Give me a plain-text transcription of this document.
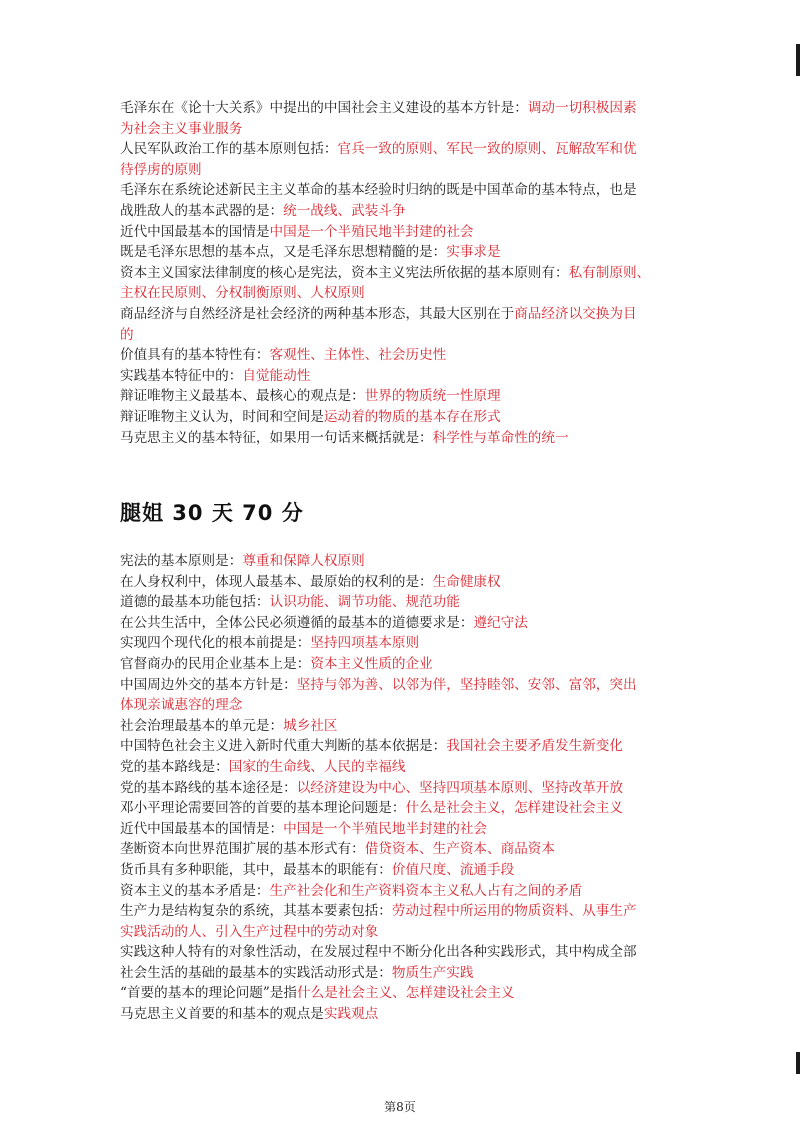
毛泽东在《论十大关系》中提出的中国社会主义建设的基本方针是：调动一切积极因素
为社会主义事业服务
人民军队政治工作的基本原则包括：官兵一致的原则、军民一致的原则、瓦解敌军和优
待俘虏的原则
毛泽东在系统论述新民主主义革命的基本经验时归纳的既是中国革命的基本特点，也是
战胜敌人的基本武器的是：统一战线、武装斗争
近代中国最基本的国情是中国是一个半殖民地半封建的社会
既是毛泽东思想的基本点，又是毛泽东思想精髓的是：实事求是
资本主义国家法律制度的核心是宪法，资本主义宪法所依据的基本原则有：私有制原则、
主权在民原则、分权制衡原则、人权原则
商品经济与自然经济是社会经济的两种基本形态，其最大区别在于商品经济以交换为目
的
价值具有的基本特性有：客观性、主体性、社会历史性
实践基本特征中的：自觉能动性
辩证唯物主义最基本、最核心的观点是：世界的物质统一性原理
辩证唯物主义认为，时间和空间是运动着的物质的基本存在形式
马克思主义的基本特征，如果用一句话来概括就是：科学性与革命性的统一
腿姐 30 天 70 分
宪法的基本原则是：尊重和保障人权原则
在人身权利中，体现人最基本、最原始的权利的是：生命健康权
道德的最基本功能包括：认识功能、调节功能、规范功能
在公共生活中，全体公民必须遵循的最基本的道德要求是：遵纪守法
实现四个现代化的根本前提是：坚持四项基本原则
官督商办的民用企业基本上是：资本主义性质的企业
中国周边外交的基本方针是：坚持与邻为善、以邻为伴，坚持睦邻、安邻、富邻，突出
体现亲诚惠容的理念
社会治理最基本的单元是：城乡社区
中国特色社会主义进入新时代重大判断的基本依据是：我国社会主要矛盾发生新变化
党的基本路线是：国家的生命线、人民的幸福线
党的基本路线的基本途径是：以经济建设为中心、坚持四项基本原则、坚持改革开放
邓小平理论需要回答的首要的基本理论问题是：什么是社会主义，怎样建设社会主义
近代中国最基本的国情是：中国是一个半殖民地半封建的社会
垄断资本向世界范围扩展的基本形式有：借贷资本、生产资本、商品资本
货币具有多种职能，其中，最基本的职能有：价值尺度、流通手段
资本主义的基本矛盾是：生产社会化和生产资料资本主义私人占有之间的矛盾
生产力是结构复杂的系统，其基本要素包括：劳动过程中所运用的物质资料、从事生产
实践活动的人、引入生产过程中的劳动对象
实践这种人特有的对象性活动，在发展过程中不断分化出各种实践形式，其中构成全部
社会生活的基础的最基本的实践活动形式是：物质生产实践
“首要的基本的理论问题”是指什么是社会主义、怎样建设社会主义
马克思主义首要的和基本的观点是实践观点
第8页
